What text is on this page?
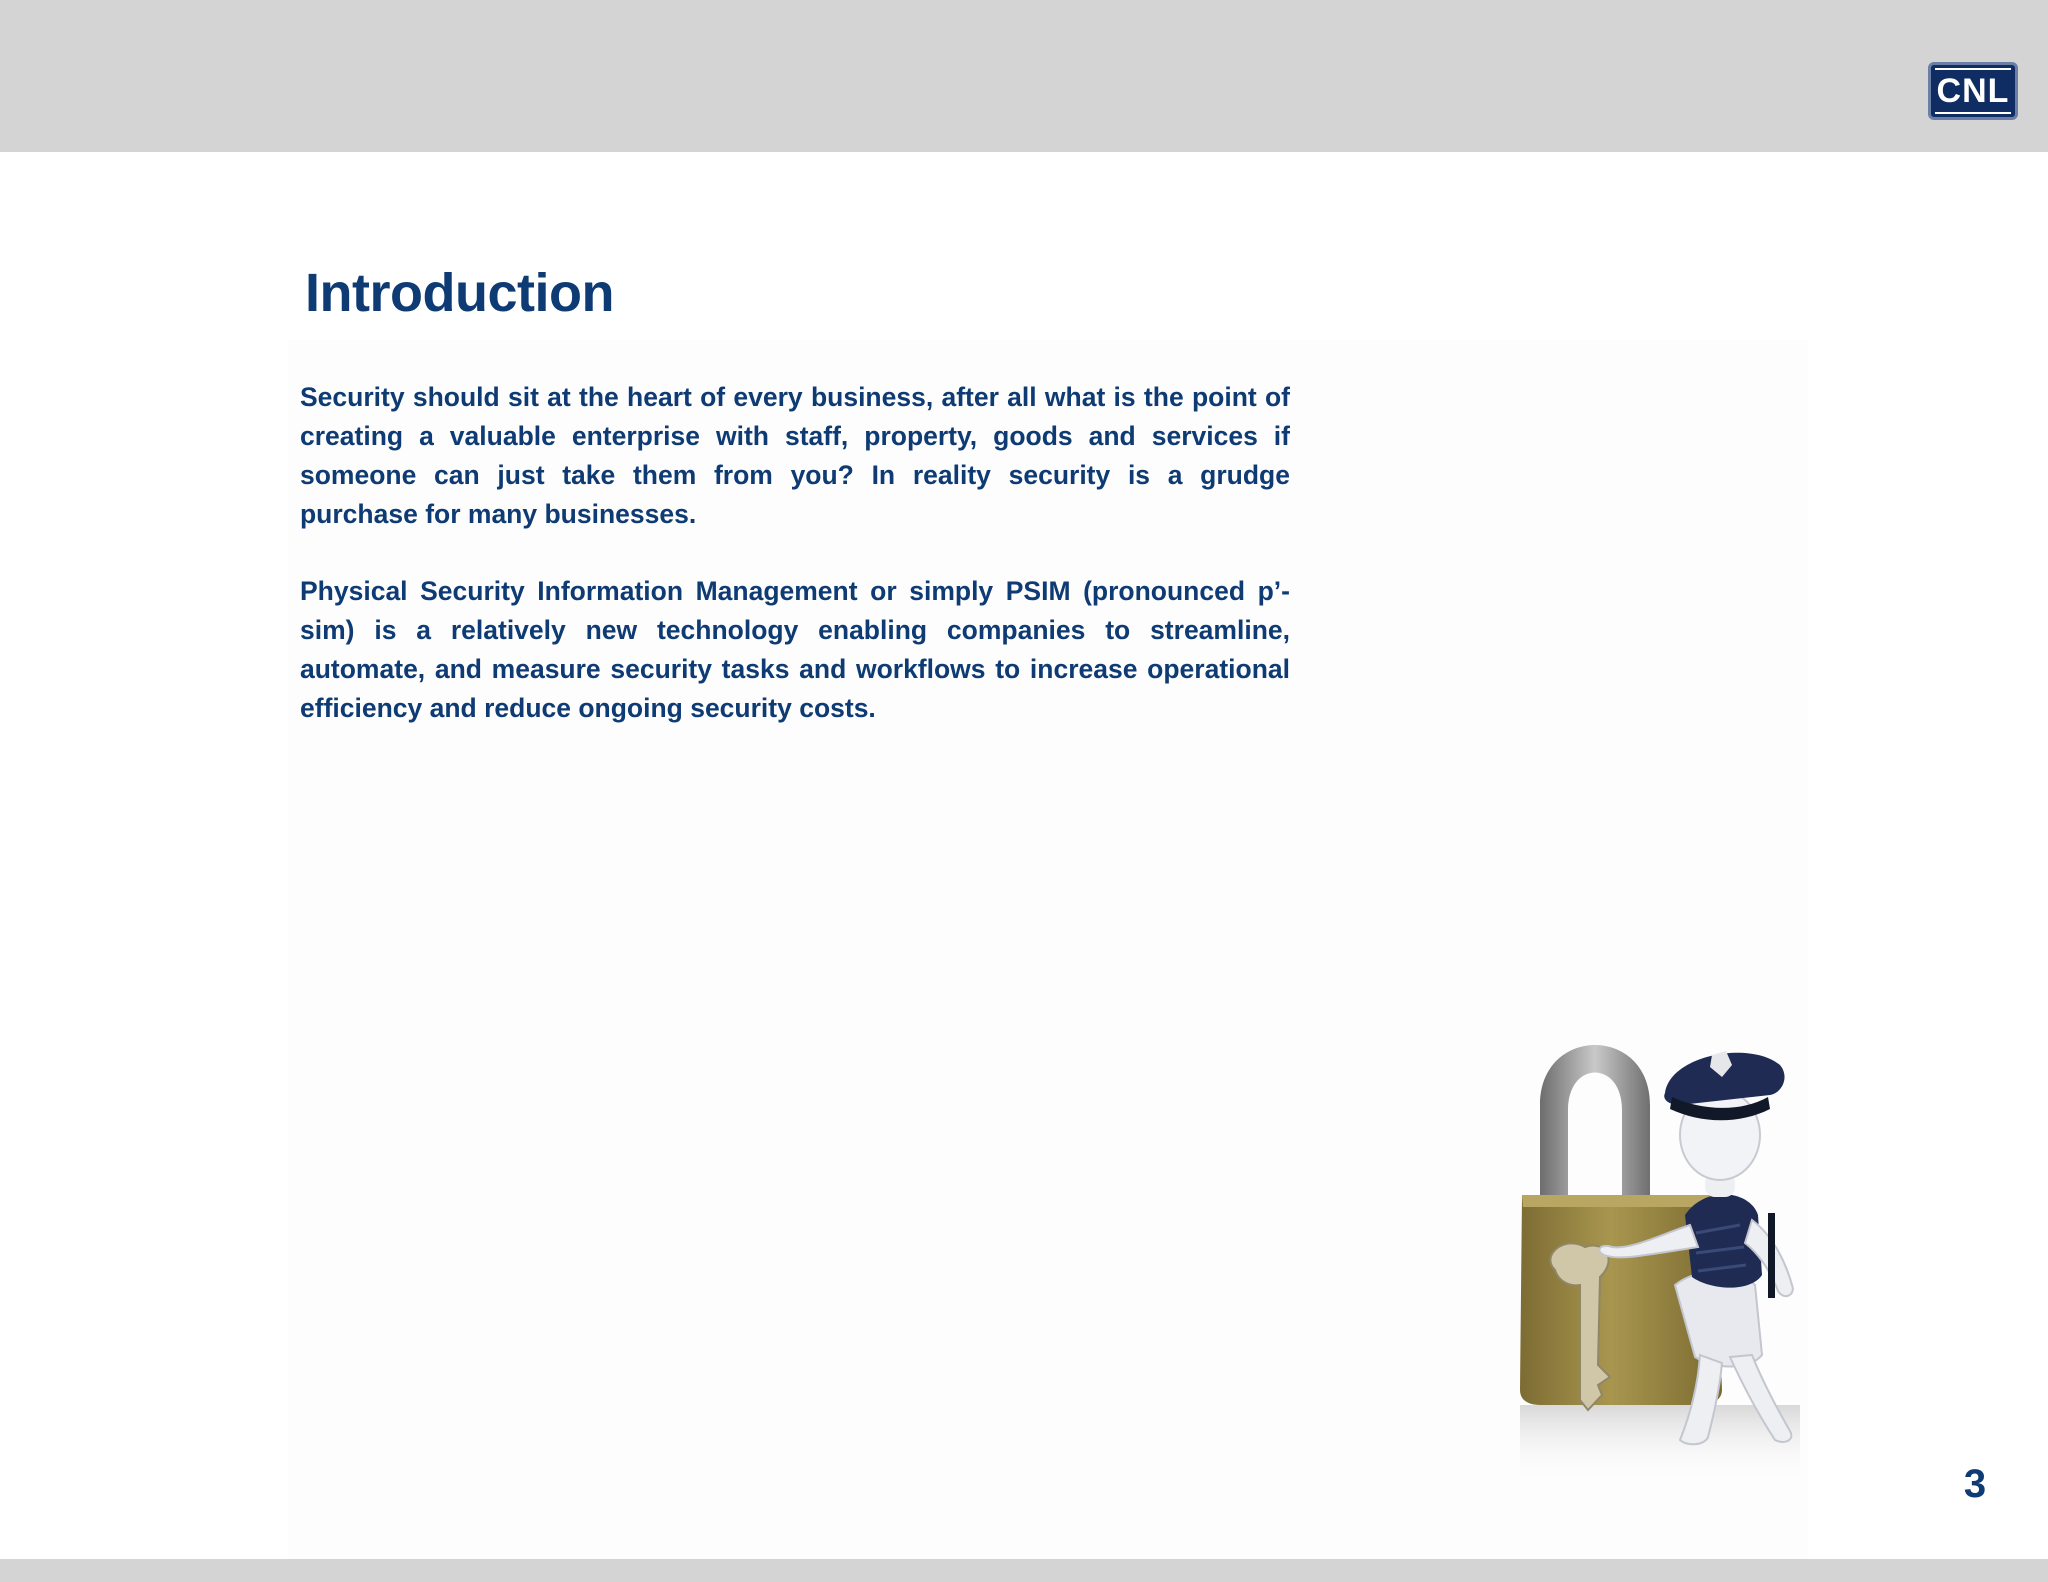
CNL
Introduction

Security should sit at the heart of every business, after all what is the point of creating a valuable enterprise with staff, property, goods and services if someone can just take them from you? In reality security is a grudge purchase for many businesses.

Physical Security Information Management or simply PSIM (pronounced p’-sim) is a relatively new technology enabling companies to streamline, automate, and measure security tasks and workflows to increase operational efficiency and reduce ongoing security costs.

3
